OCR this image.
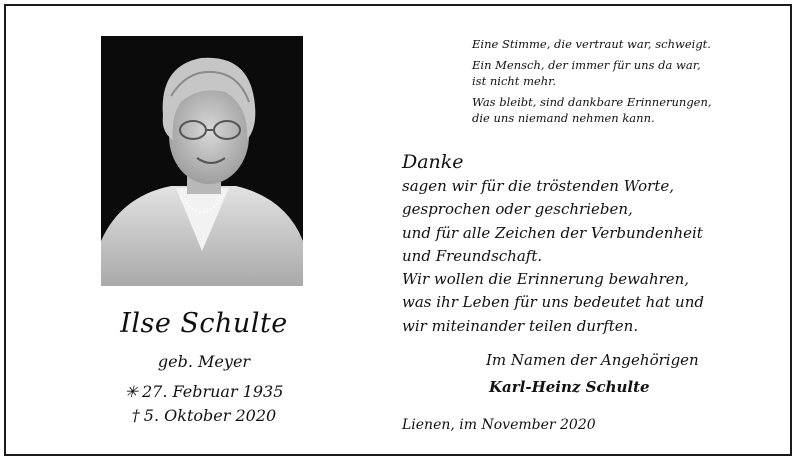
Ilse Schulte
geb. Meyer
✳ 27. Februar 1935
† 5. Oktober 2020
Eine Stimme, die vertraut war, schweigt.
Ein Mensch, der immer für uns da war,
ist nicht mehr.
Was bleibt, sind dankbare Erinnerungen,
die uns niemand nehmen kann.
Danke
sagen wir für die tröstenden Worte,
gesprochen oder geschrieben,
und für alle Zeichen der Verbundenheit
und Freundschaft.
Wir wollen die Erinnerung bewahren,
was ihr Leben für uns bedeutet hat und
wir miteinander teilen durften.
Im Namen der Angehörigen
Karl-Heinz Schulte
Lienen, im November 2020
